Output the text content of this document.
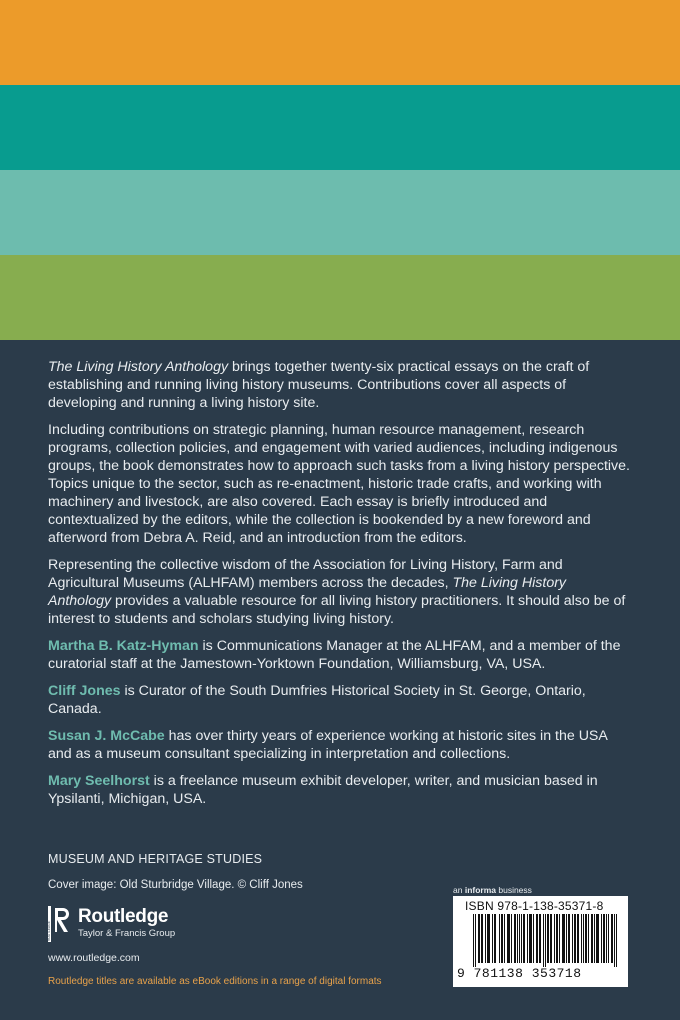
The Living History Anthology brings together twenty-six practical essays on the craft of establishing and running living history museums. Contributions cover all aspects of developing and running a living history site.

Including contributions on strategic planning, human resource management, research programs, collection policies, and engagement with varied audiences, including indigenous groups, the book demonstrates how to approach such tasks from a living history perspective. Topics unique to the sector, such as re-enactment, historic trade crafts, and working with machinery and livestock, are also covered. Each essay is briefly introduced and contextualized by the editors, while the collection is bookended by a new foreword and afterword from Debra A. Reid, and an introduction from the editors.

Representing the collective wisdom of the Association for Living History, Farm and Agricultural Museums (ALHFAM) members across the decades, The Living History Anthology provides a valuable resource for all living history practitioners. It should also be of interest to students and scholars studying living history.

Martha B. Katz-Hyman is Communications Manager at the ALHFAM, and a member of the curatorial staff at the Jamestown-Yorktown Foundation, Williamsburg, VA, USA.

Cliff Jones is Curator of the South Dumfries Historical Society in St. George, Ontario, Canada.

Susan J. McCabe has over thirty years of experience working at historic sites in the USA and as a museum consultant specializing in interpretation and collections.

Mary Seelhorst is a freelance museum exhibit developer, writer, and musician based in Ypsilanti, Michigan, USA.

MUSEUM AND HERITAGE STUDIES
Cover image: Old Sturbridge Village. © Cliff Jones
ROUTLEDGE
Routledge
Taylor & Francis Group
www.routledge.com
Routledge titles are available as eBook editions in a range of digital formats
an informa business
ISBN 978-1-138-35371-8
9 781138 353718
